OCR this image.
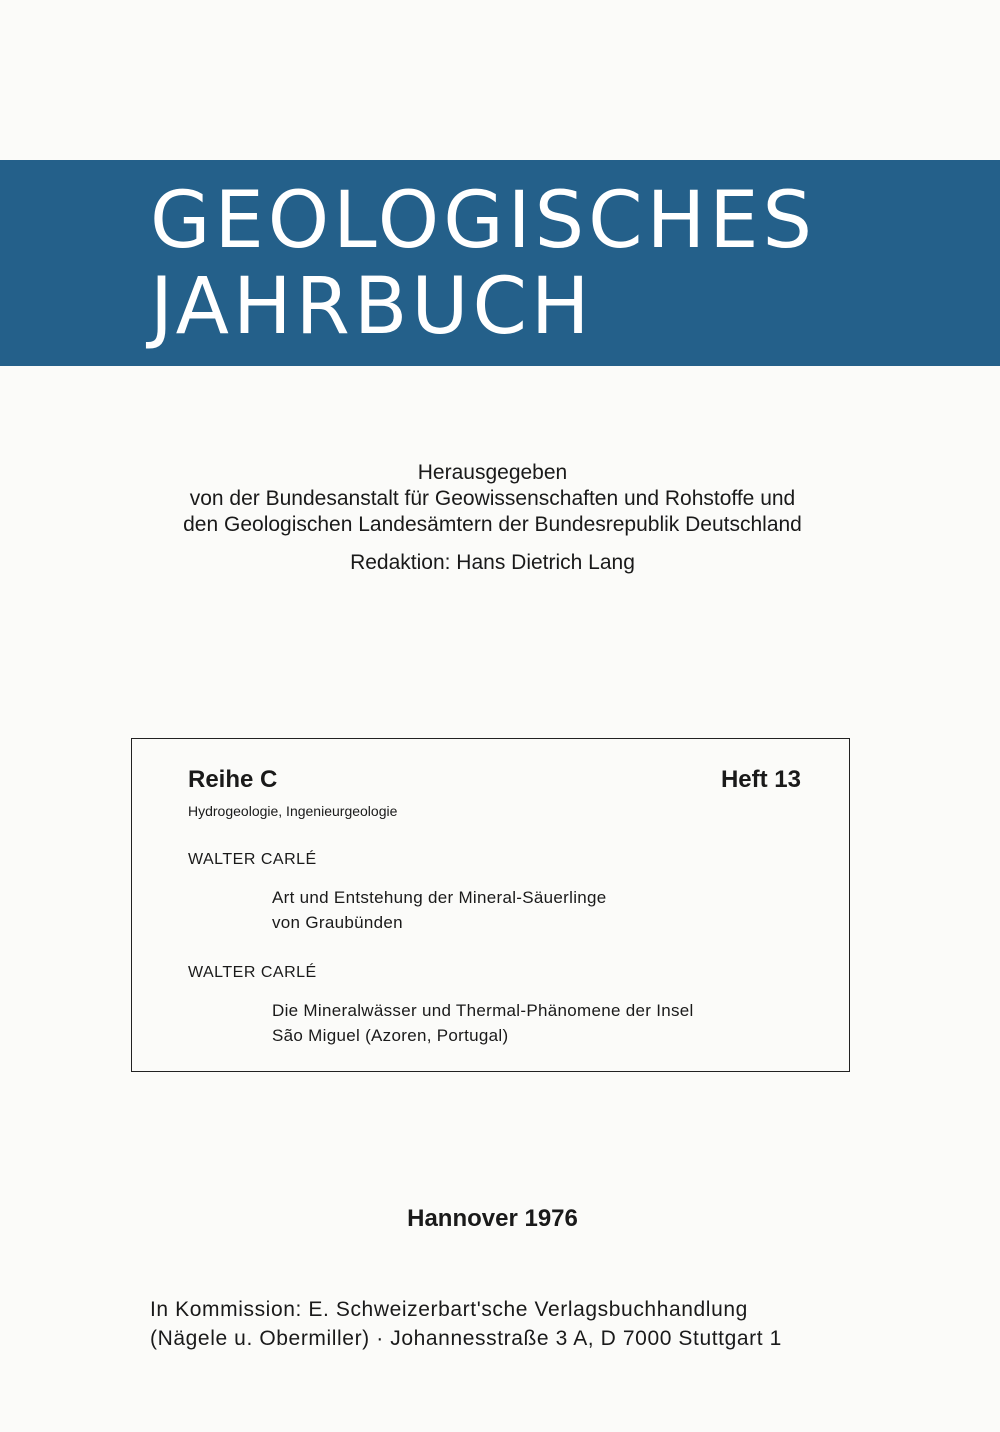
GEOLOGISCHES
JAHRBUCH
Herausgegeben
von der Bundesanstalt für Geowissenschaften und Rohstoffe und
den Geologischen Landesämtern der Bundesrepublik Deutschland
Redaktion: Hans Dietrich Lang
Reihe C	Heft 13
Hydrogeologie, Ingenieurgeologie
WALTER CARLÉ
Art und Entstehung der Mineral-Säuerlinge
von Graubünden
WALTER CARLÉ
Die Mineralwässer und Thermal-Phänomene der Insel
São Miguel (Azoren, Portugal)
Hannover 1976
In Kommission: E. Schweizerbart'sche Verlagsbuchhandlung
(Nägele u. Obermiller) · Johannesstraße 3 A, D 7000 Stuttgart 1
